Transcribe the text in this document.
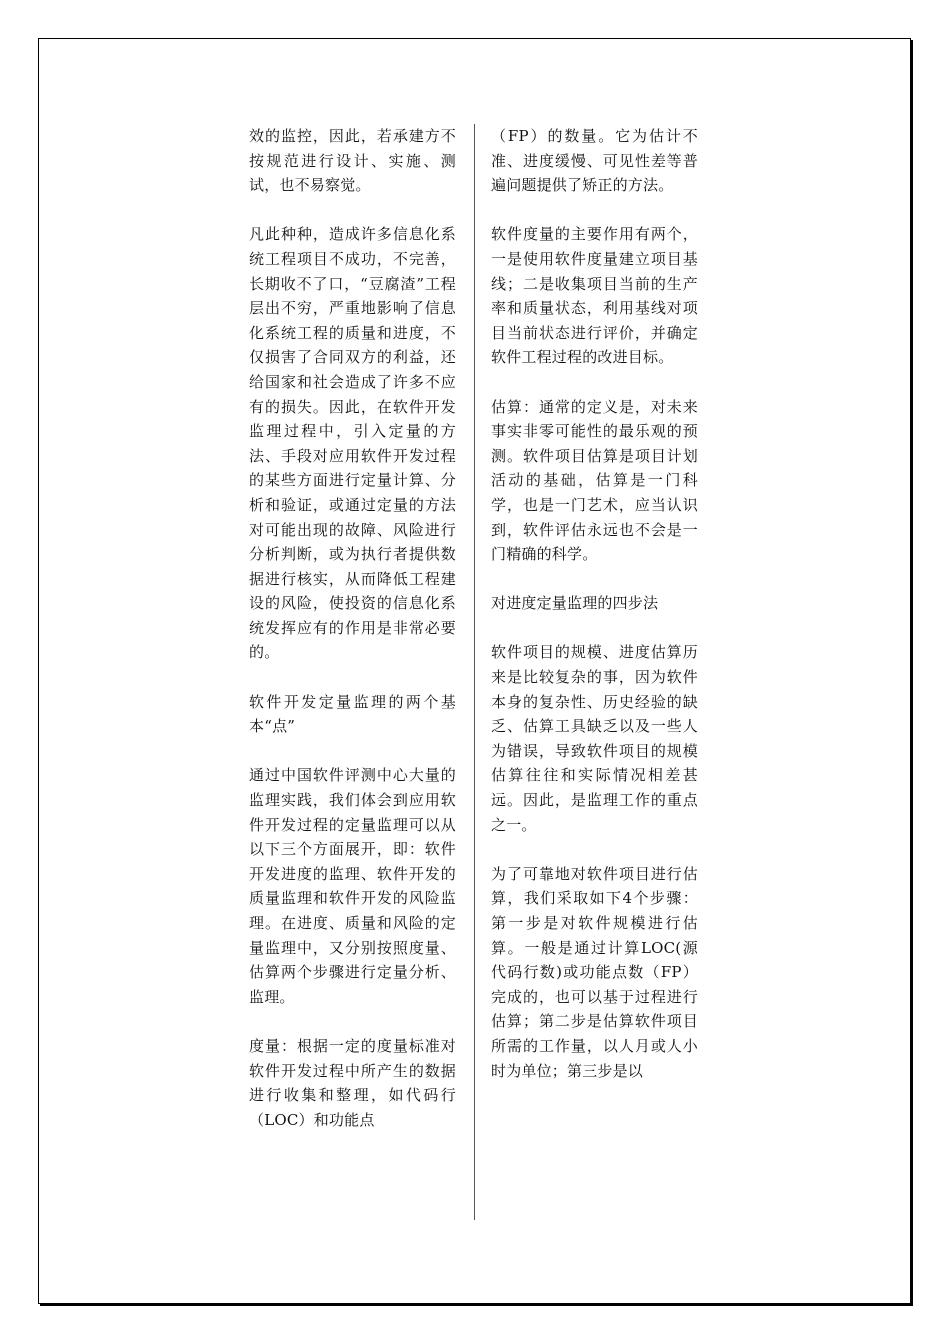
效的监控，因此，若承建方不按规范进行设计、实施、测试，也不易察觉。

凡此种种，造成许多信息化系统工程项目不成功，不完善，长期收不了口，“豆腐渣”工程层出不穷，严重地影响了信息化系统工程的质量和进度，不仅损害了合同双方的利益，还给国家和社会造成了许多不应有的损失。因此，在软件开发监理过程中，引入定量的方法、手段对应用软件开发过程的某些方面进行定量计算、分析和验证，或通过定量的方法对可能出现的故障、风险进行分析判断，或为执行者提供数据进行核实，从而降低工程建设的风险，使投资的信息化系统发挥应有的作用是非常必要的。

软件开发定量监理的两个基本“点”

通过中国软件评测中心大量的监理实践，我们体会到应用软件开发过程的定量监理可以从以下三个方面展开，即：软件开发进度的监理、软件开发的质量监理和软件开发的风险监理。在进度、质量和风险的定量监理中，又分别按照度量、估算两个步骤进行定量分析、监理。

度量：根据一定的度量标准对软件开发过程中所产生的数据进行收集和整理，如代码行（LOC）和功能点

（FP）的数量。它为估计不准、进度缓慢、可见性差等普遍问题提供了矫正的方法。

软件度量的主要作用有两个，一是使用软件度量建立项目基线；二是收集项目当前的生产率和质量状态，利用基线对项目当前状态进行评价，并确定软件工程过程的改进目标。

估算：通常的定义是，对未来事实非零可能性的最乐观的预测。软件项目估算是项目计划活动的基础，估算是一门科学，也是一门艺术，应当认识到，软件评估永远也不会是一门精确的科学。

对进度定量监理的四步法

软件项目的规模、进度估算历来是比较复杂的事，因为软件本身的复杂性、历史经验的缺乏、估算工具缺乏以及一些人为错误，导致软件项目的规模估算往往和实际情况相差甚远。因此，是监理工作的重点之一。

为了可靠地对软件项目进行估算，我们采取如下4个步骤：第一步是对软件规模进行估算。一般是通过计算LOC(源代码行数)或功能点数（FP）完成的，也可以基于过程进行估算；第二步是估算软件项目所需的工作量，以人月或人小时为单位；第三步是以
